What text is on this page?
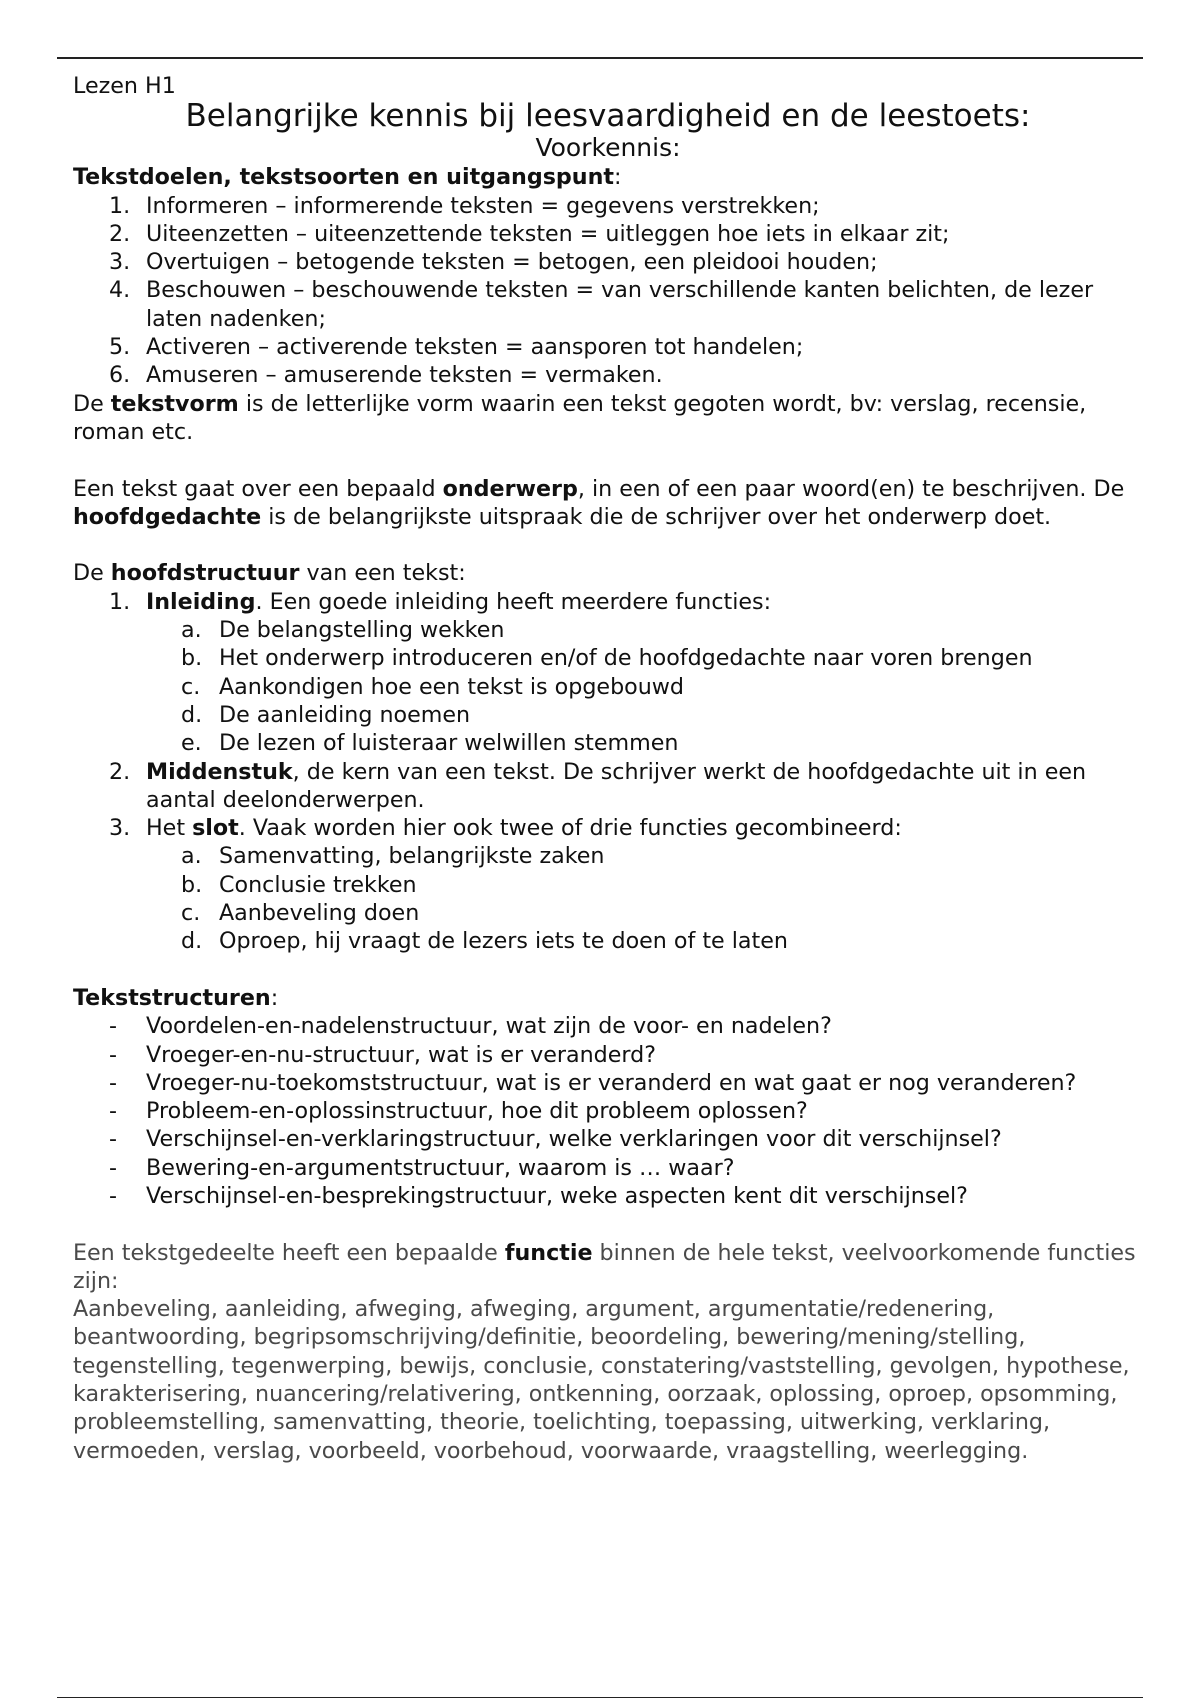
Lezen H1

Belangrijke kennis bij leesvaardigheid en de leestoets:
Voorkennis:

Tekstdoelen, tekstsoorten en uitgangspunt:

1. Informeren – informerende teksten = gegevens verstrekken;
2. Uiteenzetten – uiteenzettende teksten = uitleggen hoe iets in elkaar zit;
3. Overtuigen – betogende teksten = betogen, een pleidooi houden;
4. Beschouwen – beschouwende teksten = van verschillende kanten belichten, de lezer laten nadenken;
5. Activeren – activerende teksten = aansporen tot handelen;
6. Amuseren – amuserende teksten = vermaken.

De tekstvorm is de letterlijke vorm waarin een tekst gegoten wordt, bv: verslag, recensie, roman etc.

Een tekst gaat over een bepaald onderwerp, in een of een paar woord(en) te beschrijven. De hoofdgedachte is de belangrijkste uitspraak die de schrijver over het onderwerp doet.

De hoofdstructuur van een tekst:

1. Inleiding. Een goede inleiding heeft meerdere functies:
a. De belangstelling wekken
b. Het onderwerp introduceren en/of de hoofdgedachte naar voren brengen
c. Aankondigen hoe een tekst is opgebouwd
d. De aanleiding noemen
e. De lezen of luisteraar welwillen stemmen
2. Middenstuk, de kern van een tekst. De schrijver werkt de hoofdgedachte uit in een aantal deelonderwerpen.
3. Het slot. Vaak worden hier ook twee of drie functies gecombineerd:
a. Samenvatting, belangrijkste zaken
b. Conclusie trekken
c. Aanbeveling doen
d. Oproep, hij vraagt de lezers iets te doen of te laten

Tekststructuren:

- Voordelen-en-nadelenstructuur, wat zijn de voor- en nadelen?
- Vroeger-en-nu-structuur, wat is er veranderd?
- Vroeger-nu-toekomststructuur, wat is er veranderd en wat gaat er nog veranderen?
- Probleem-en-oplossinstructuur, hoe dit probleem oplossen?
- Verschijnsel-en-verklaringstructuur, welke verklaringen voor dit verschijnsel?
- Bewering-en-argumentstructuur, waarom is … waar?
- Verschijnsel-en-besprekingstructuur, weke aspecten kent dit verschijnsel?

Een tekstgedeelte heeft een bepaalde functie binnen de hele tekst, veelvoorkomende functies zijn:

Aanbeveling, aanleiding, afweging, afweging, argument, argumentatie/redenering, beantwoording, begripsomschrijving/definitie, beoordeling, bewering/mening/stelling, tegenstelling, tegenwerping, bewijs, conclusie, constatering/vaststelling, gevolgen, hypothese, karakterisering, nuancering/relativering, ontkenning, oorzaak, oplossing, oproep, opsomming, probleemstelling, samenvatting, theorie, toelichting, toepassing, uitwerking, verklaring, vermoeden, verslag, voorbeeld, voorbehoud, voorwaarde, vraagstelling, weerlegging.
